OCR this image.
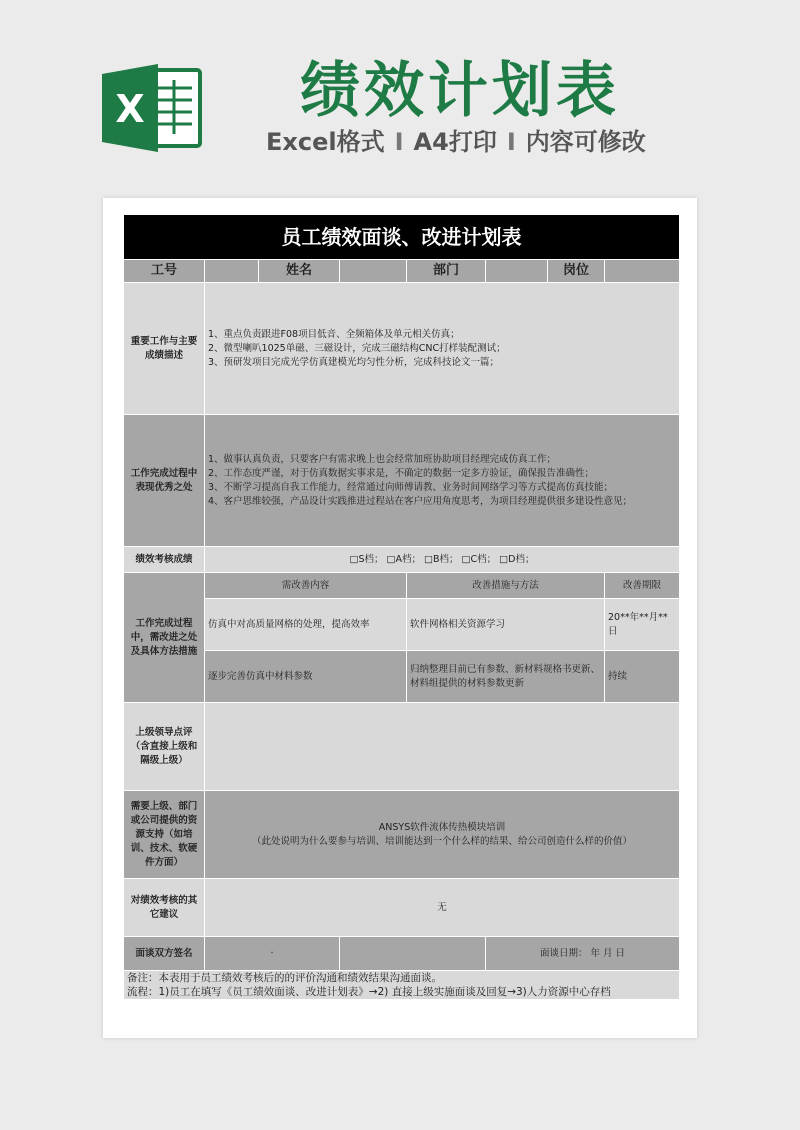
X	绩效计划表
Excel格式 I A4打印 I 内容可修改
员工绩效面谈、改进计划表							
工号		姓名		部门		岗位	
重要工作与主要成绩描述	1、重点负责跟进F08项目低音、全频箱体及单元相关仿真；
2、微型喇叭1025单磁、三磁设计，完成三磁结构CNC打样装配测试；
3、预研发项目完成光学仿真建模光均匀性分析，完成科技论文一篇；						

工作完成过程中表现优秀之处	1、做事认真负责，只要客户有需求晚上也会经常加班协助项目经理完成仿真工作；
2、工作态度严谨，对于仿真数据实事求是，不确定的数据一定多方验证，确保报告准确性；
3、不断学习提高自我工作能力，经常通过向师傅请教、业务时间网络学习等方式提高仿真技能；
4、客户思维较强，产品设计实践推进过程站在客户应用角度思考，为项目经理提供很多建设性意见；						

绩效考核成绩	□S档； □A档； □B档； □C档； □D档；						
工作完成过程中，需改进之处及具体方法措施	需改善内容			改善措施与方法			改善期限
	仿真中对高质量网格的处理，提高效率			软件网格相关资源学习			20**年**月**日
	逐步完善仿真中材料参数			归纳整理目前已有参数、新材料规格书更新、材料组提供的材料参数更新			持续
上级领导点评（含直接上级和隔级上级）							
需要上级、部门或公司提供的资源支持（如培训、技术、软硬件方面）	ANSYS软件流体传热模块培训
（此处说明为什么要参与培训、培训能达到一个什么样的结果、给公司创造什么样的价值）						

对绩效考核的其它建议	无						
面谈双方签名	·				面谈日期： 年 月 日		

备注：本表用于员工绩效考核后的的评价沟通和绩效结果沟通面谈。
流程：1)员工在填写《员工绩效面谈、改进计划表》→2) 直接上级实施面谈及回复→3)人力资源中心存档							
